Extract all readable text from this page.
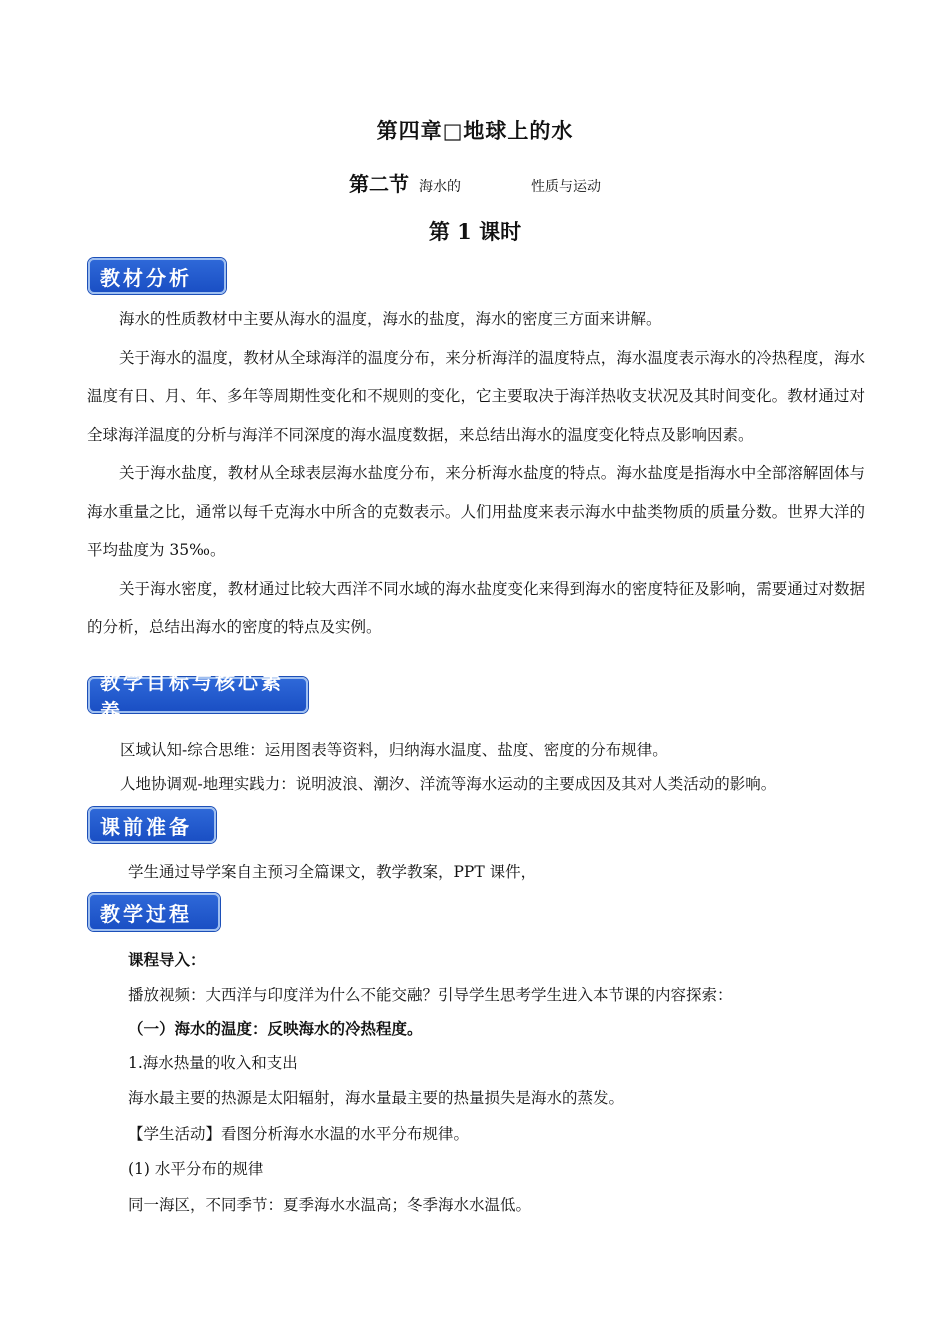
第四章□地球上的水
第二节 海水的	性质与运动
第 1 课时
教材分析

海水的性质教材中主要从海水的温度，海水的盐度，海水的密度三方面来讲解。

关于海水的温度，教材从全球海洋的温度分布，来分析海洋的温度特点，海水温度表示海水的冷热程度，海水温度有日、月、年、多年等周期性变化和不规则的变化，它主要取决于海洋热收支状况及其时间变化。教材通过对全球海洋温度的分析与海洋不同深度的海水温度数据，来总结出海水的温度变化特点及影响因素。

关于海水盐度，教材从全球表层海水盐度分布，来分析海水盐度的特点。海水盐度是指海水中全部溶解固体与海水重量之比，通常以每千克海水中所含的克数表示。人们用盐度来表示海水中盐类物质的质量分数。世界大洋的平均盐度为 35‰。

关于海水密度，教材通过比较大西洋不同水域的海水盐度变化来得到海水的密度特征及影响，需要通过对数据的分析，总结出海水的密度的特点及实例。

教学目标与核心素养
区域认知-综合思维：运用图表等资料，归纳海水温度、盐度、密度的分布规律。
人地协调观-地理实践力：说明波浪、潮汐、洋流等海水运动的主要成因及其对人类活动的影响。
课前准备
学生通过导学案自主预习全篇课文，教学教案，PPT 课件，
教学过程
课程导入：
播放视频：大西洋与印度洋为什么不能交融？引导学生思考学生进入本节课的内容探索：
（一）海水的温度：反映海水的冷热程度。
1.海水热量的收入和支出
海水最主要的热源是太阳辐射，海水量最主要的热量损失是海水的蒸发。
【学生活动】看图分析海水水温的水平分布规律。
(1) 水平分布的规律
同一海区，不同季节：夏季海水水温高；冬季海水水温低。
